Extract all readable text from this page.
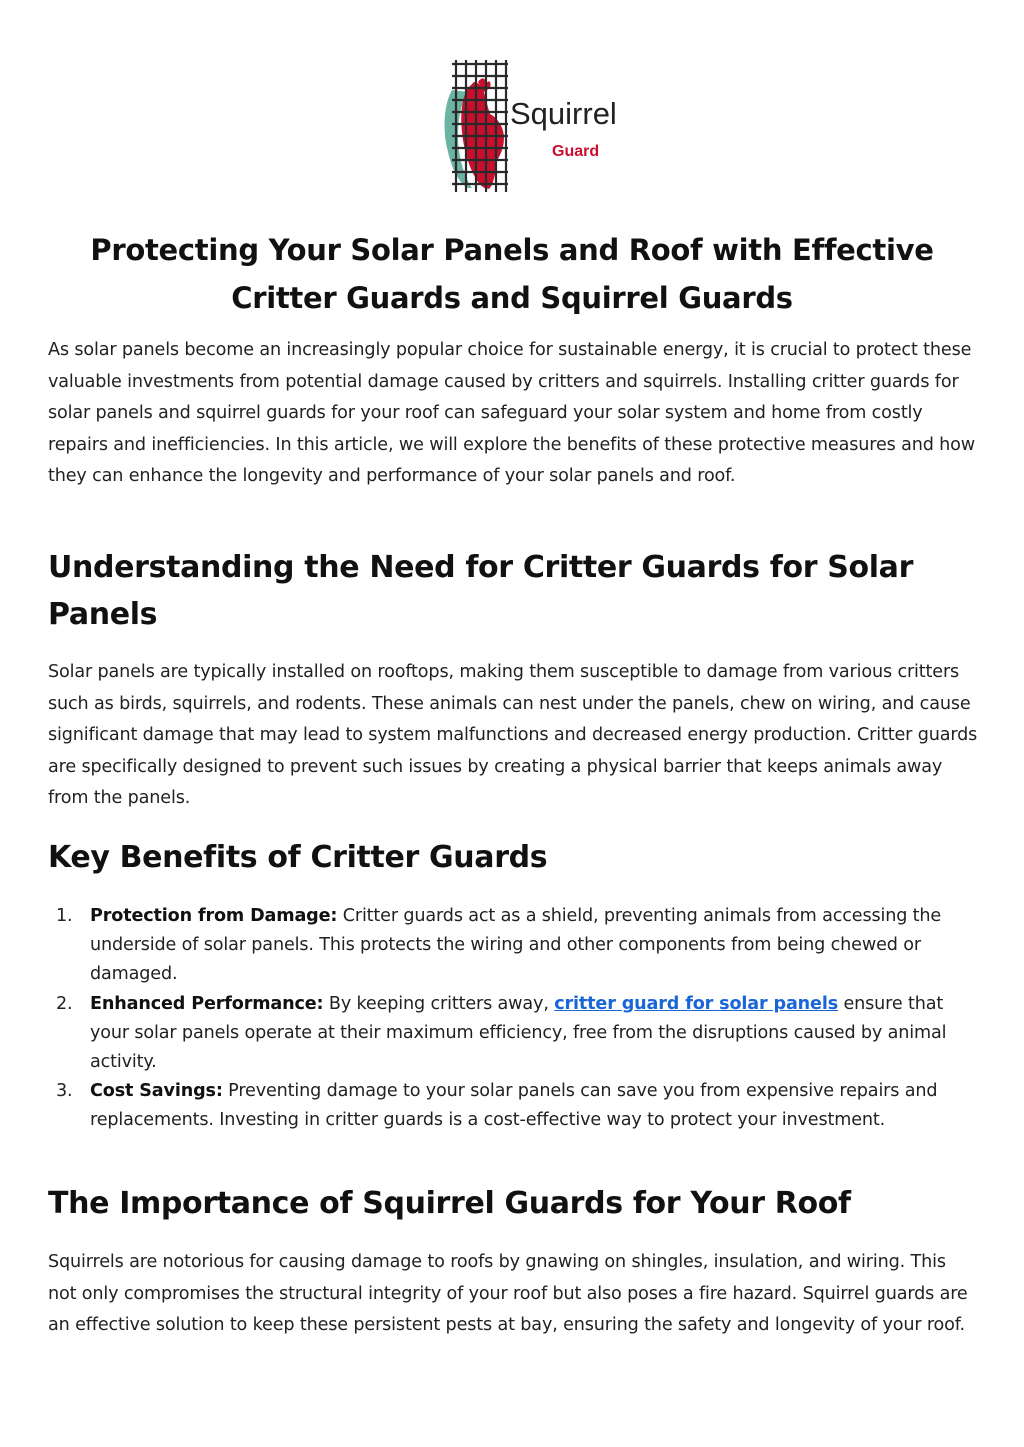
Squirrel
Guard
Protecting Your Solar Panels and Roof with Effective
Critter Guards and Squirrel Guards

As solar panels become an increasingly popular choice for sustainable energy, it is crucial to protect these valuable investments from potential damage caused by critters and squirrels. Installing critter guards for solar panels and squirrel guards for your roof can safeguard your solar system and home from costly repairs and inefficiencies. In this article, we will explore the benefits of these protective measures and how they can enhance the longevity and performance of your solar panels and roof.

Understanding the Need for Critter Guards for Solar Panels

Solar panels are typically installed on rooftops, making them susceptible to damage from various critters such as birds, squirrels, and rodents. These animals can nest under the panels, chew on wiring, and cause significant damage that may lead to system malfunctions and decreased energy production. Critter guards are specifically designed to prevent such issues by creating a physical barrier that keeps animals away from the panels.

Key Benefits of Critter Guards
1. Protection from Damage: Critter guards act as a shield, preventing animals from accessing the underside of solar panels. This protects the wiring and other components from being chewed or damaged.
2. Enhanced Performance: By keeping critters away, critter guard for solar panels ensure that your solar panels operate at their maximum efficiency, free from the disruptions caused by animal activity.
3. Cost Savings: Preventing damage to your solar panels can save you from expensive repairs and replacements. Investing in critter guards is a cost-effective way to protect your investment.
The Importance of Squirrel Guards for Your Roof

Squirrels are notorious for causing damage to roofs by gnawing on shingles, insulation, and wiring. This not only compromises the structural integrity of your roof but also poses a fire hazard. Squirrel guards are an effective solution to keep these persistent pests at bay, ensuring the safety and longevity of your roof.
